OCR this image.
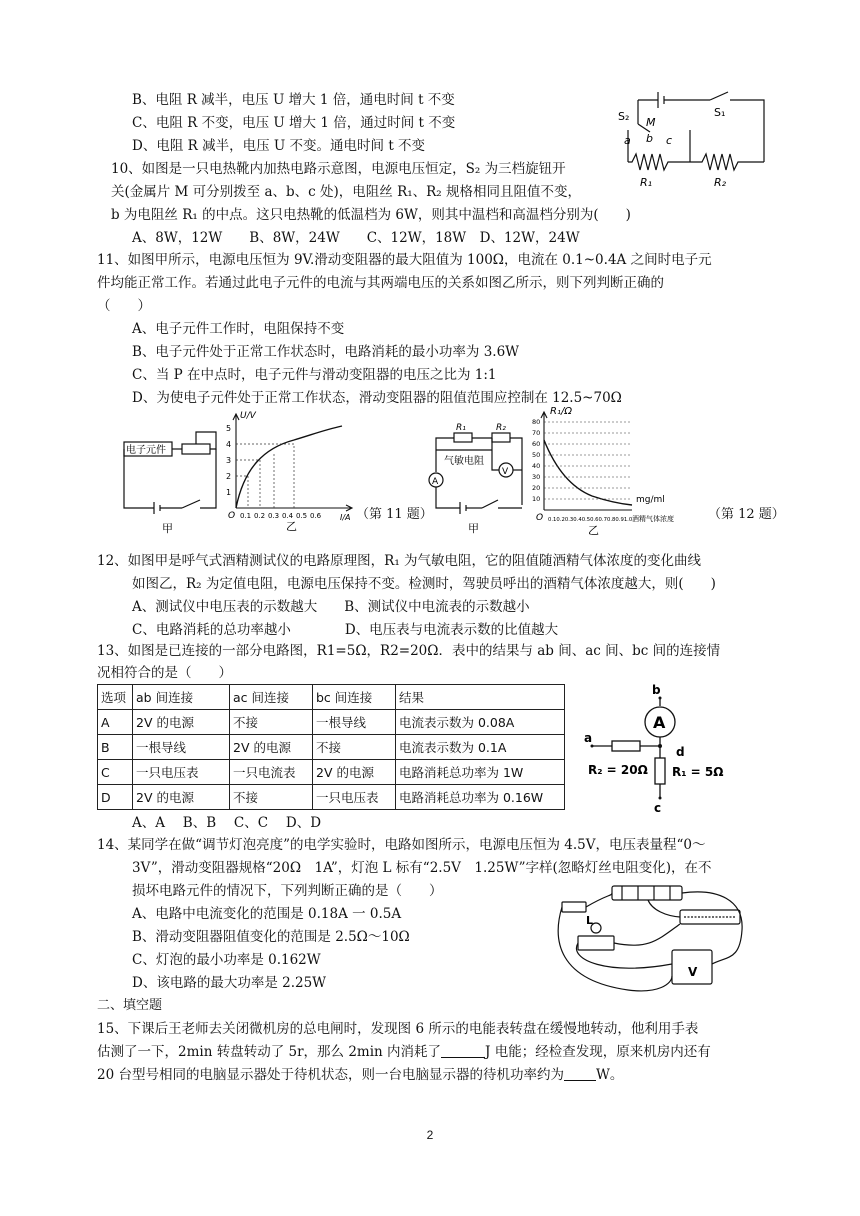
B、电阻 R 减半，电压 U 增大 1 倍，通电时间 t 不变
C、电阻 R 不变，电压 U 增大 1 倍，通过时间 t 不变
D、电阻 R 减半，电压 U 不变。通电时间 t 不变
S₂ M
S₁
a b c
R₁	R₂
10、如图是一只电热靴内加热电路示意图，电源电压恒定，S₂ 为三档旋钮开
关(金属片 M 可分别拨至 a、b、c 处)，电阻丝 R₁、R₂ 规格相同且阻值不变，
b 为电阻丝 R₁ 的中点。这只电热靴的低温档为 6W，则其中温档和高温档分别为(　　)
A、8W，12W　　B、8W，24W　　C、12W，18W　D、12W，24W
11、如图甲所示，电源电压恒为 9V.滑动变阻器的最大阻值为 100Ω，电流在 0.1~0.4A 之间时电子元
件均能正常工作。若通过此电子元件的电流与其两端电压的关系如图乙所示，则下列判断正确的
（　　）
A、电子元件工作时，电阻保持不变
B、电子元件处于正常工作状态时，电路消耗的最小功率为 3.6W
C、当 P 在中点时，电子元件与滑动变阻器的电压之比为 1:1
D、为使电子元件处于正常工作状态，滑动变阻器的阻值范围应控制在 12.5~70Ω
电子元件
甲
U/V
I/A
O
1
2
3
4
5
0.1 0.2 0.3 0.4 0.5 0.6
乙
（第 11 题）
R₁	R₂
气敏电阻
A
V
甲
R₁/Ω
80
70
60
50
40
30
20
10	mg/ml
酒精气体浓度
O 0.10.20.30.40.50.60.70.80.91.0
乙
（第 12 题）
12、如图甲是呼气式酒精测试仪的电路原理图，R₁ 为气敏电阻，它的阻值随酒精气体浓度的变化曲线
如图乙，R₂ 为定值电阻，电源电压保持不变。检测时，驾驶员呼出的酒精气体浓度越大，则(　　)
A、测试仪中电压表的示数越大　　B、测试仪中电流表的示数越小
C、电路消耗的总功率越小　　　　D、电压表与电流表示数的比值越大
13、如图是已连接的一部分电路图，R1=5Ω，R2=20Ω．表中的结果与 ab 间、ac 间、bc 间的连接情
况相符合的是（　　）
选项	ab 间连接	ac 间连接	bc 间连接	结果
A	2V 的电源	不接	一根导线	电流表示数为 0.08A
B	一根导线	2V 的电源	不接	电流表示数为 0.1A
C	一只电压表	一只电流表	2V 的电源	电路消耗总功率为 1W
D	2V 的电源	不接	一只电压表	电路消耗总功率为 0.16W
b
A
a
d
R₂ = 20Ω R₁ = 5Ω
c
A、A　 B、B　 C、C　 D、D
14、某同学在做“调节灯泡亮度”的电学实验时，电路如图所示，电源电压恒为 4.5V，电压表量程“0～
3V”，滑动变阻器规格“20Ω　1A”，灯泡 L 标有“2.5V　1.25W”字样(忽略灯丝电阻变化)，在不
损坏电路元件的情况下，下列判断正确的是（　　）
A、电路中电流变化的范围是 0.18A 一 0.5A
B、滑动变阻器阻值变化的范围是 2.5Ω～10Ω
C、灯泡的最小功率是 0.162W
D、该电路的最大功率是 2.25W
L
V
二、填空题
15、下课后王老师去关闭微机房的总电闸时，发现图 6 所示的电能表转盘在缓慢地转动，他利用手表
估测了一下，2min 转盘转动了 5r，那么 2min 内消耗了	J 电能；经检查发现，原来机房内还有
20 台型号相同的电脑显示器处于待机状态，则一台电脑显示器的待机功率约为 W。
2
